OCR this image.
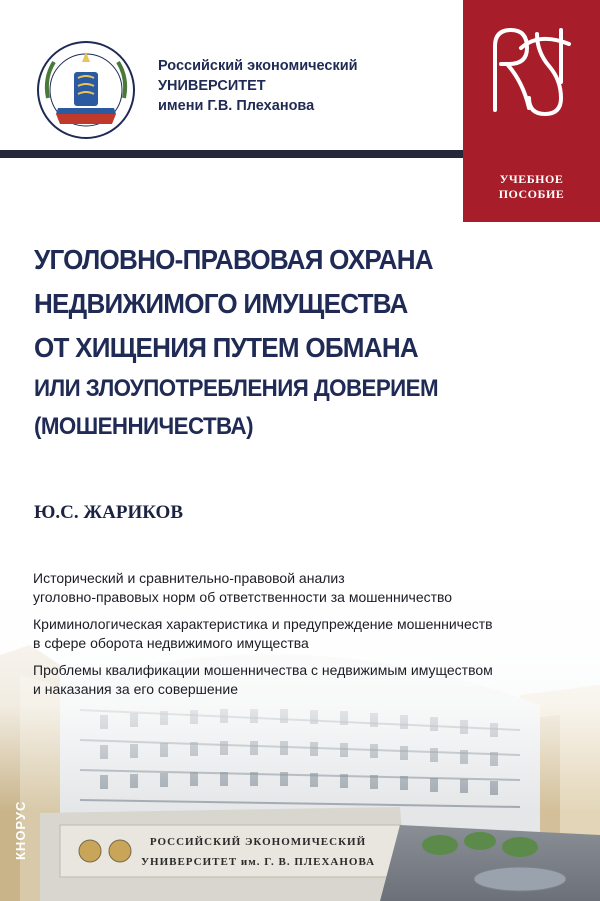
Российский экономический
УНИВЕРСИТЕТ
имени Г.В. Плеханова
УЧЕБНОЕ
ПОСОБИЕ
УГОЛОВНО-ПРАВОВАЯ ОХРАНА
НЕДВИЖИМОГО ИМУЩЕСТВА
ОТ ХИЩЕНИЯ ПУТЕМ ОБМАНА
ИЛИ ЗЛОУПОТРЕБЛЕНИЯ ДОВЕРИЕМ
(МОШЕННИЧЕСТВА)
Ю.С. ЖАРИКОВ
РОССИЙСКИЙ ЭКОНОМИЧЕСКИЙ
УНИВЕРСИТЕТ им. Г. В. ПЛЕХАНОВА
Исторический и сравнительно-правовой анализ
уголовно-правовых норм об ответственности за мошенничество
Криминологическая характеристика и предупреждение мошенничеств
в сфере оборота недвижимого имущества
Проблемы квалификации мошенничества с недвижимым имуществом
и наказания за его совершение
КНОРУС
